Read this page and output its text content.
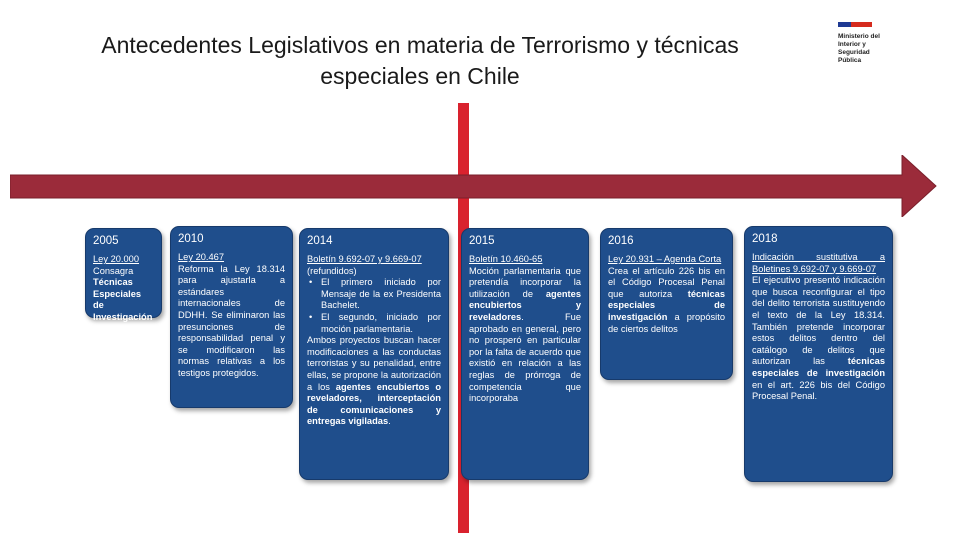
Antecedentes Legislativos en materia de Terrorismo y técnicas
especiales en Chile
Ministerio del
Interior y
Seguridad
Pública
2005

Ley 20.000

Consagra

Técnicas Especiales de Investigación

2010

Ley 20.467

Reforma la Ley 18.314 para ajustarla a estándares internacionales de DDHH. Se eliminaron las presunciones de responsabilidad penal y se modificaron las normas relativas a los testigos protegidos.

2014

Boletín 9.692-07 y 9.669-07

(refundidos)

• El primero iniciado por Mensaje de la ex Presidenta Bachelet.
• El segundo, iniciado por moción parlamentaria.

Ambos proyectos buscan hacer modificaciones a las conductas terroristas y su penalidad, entre ellas, se propone la autorización a los agentes encubiertos o reveladores, interceptación de comunicaciones y entregas vigiladas.

2015

Boletín 10.460-65

Moción parlamentaria que pretendía incorporar la utilización de agentes encubiertos y reveladores. Fue aprobado en general, pero no prosperó en particular por la falta de acuerdo que existió en relación a las reglas de prórroga de competencia que incorporaba

2016

Ley 20.931 – Agenda Corta

Crea el artículo 226 bis en el Código Procesal Penal que autoriza técnicas especiales de investigación a propósito de ciertos delitos

2018

Indicación sustitutiva a Boletines 9.692-07 y 9.669-07

El ejecutivo presentó indicación que busca reconfigurar el tipo del delito terrorista sustituyendo el texto de la Ley 18.314. También pretende incorporar estos delitos dentro del catálogo de delitos que autorizan las técnicas especiales de investigación en el art. 226 bis del Código Procesal Penal.
